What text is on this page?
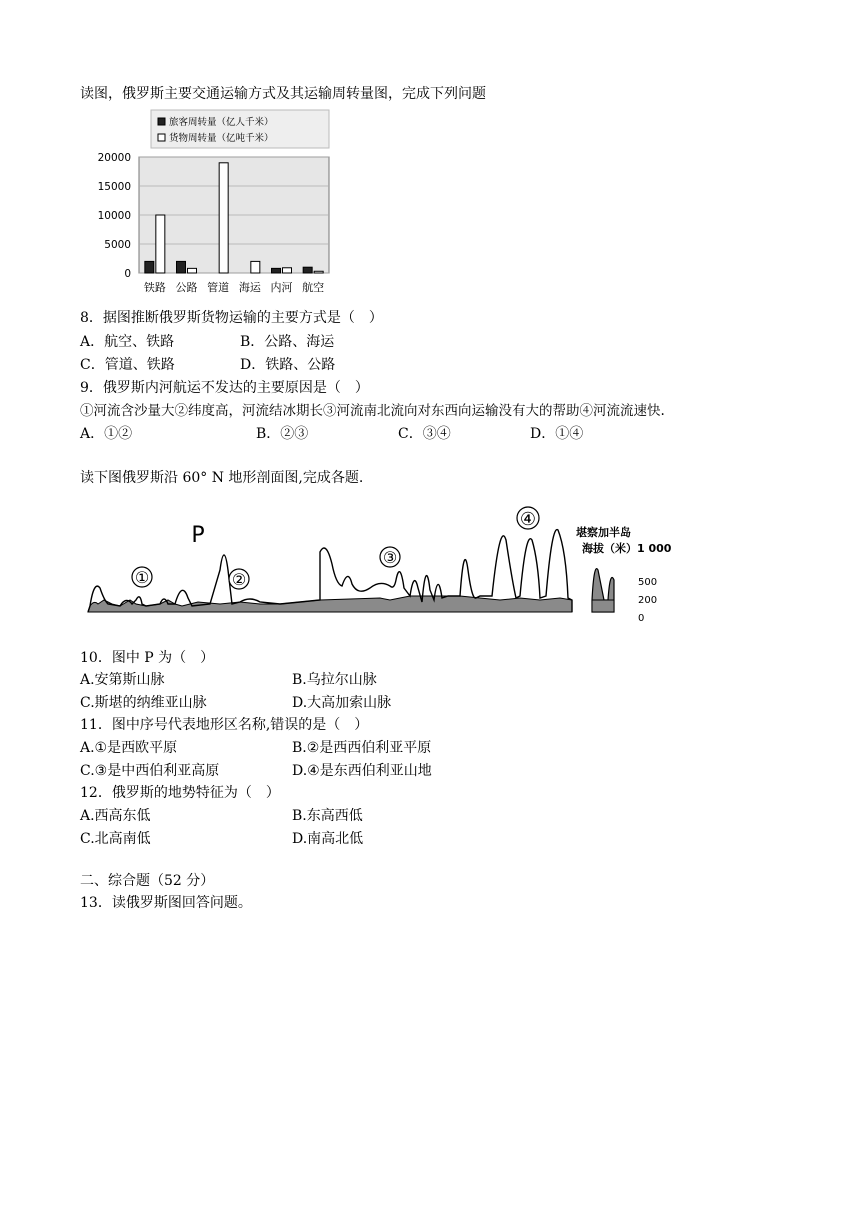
读图，俄罗斯主要交通运输方式及其运输周转量图，完成下列问题
旅客周转量（亿人千米）
货物周转量（亿吨千米）
20000
15000
10000
5000
0
铁路 公路 管道 海运 内河 航空
8．据图推断俄罗斯货物运输的主要方式是（　）
A．航空、铁路	B．公路、海运
C．管道、铁路	D．铁路、公路
9．俄罗斯内河航运不发达的主要原因是（　）
①河流含沙量大②纬度高，河流结冰期长③河流南北流向对东西向运输没有大的帮助④河流流速快.
A．①②	B．②③	C．③④	D．①④
读下图俄罗斯沿 60° N 地形剖面图,完成各题.
①
P
②
③
④
堪察加半岛
海拔（米）1 000
500
200
0
10．图中 P 为（　）
A.安第斯山脉	B.乌拉尔山脉
C.斯堪的纳维亚山脉	D.大高加索山脉
11．图中序号代表地形区名称,错误的是（　）
A.①是西欧平原	B.②是西西伯利亚平原
C.③是中西伯利亚高原	D.④是东西伯利亚山地
12．俄罗斯的地势特征为（　）
A.西高东低	B.东高西低
C.北高南低	D.南高北低
二、综合题（52 分）
13．读俄罗斯图回答问题。
